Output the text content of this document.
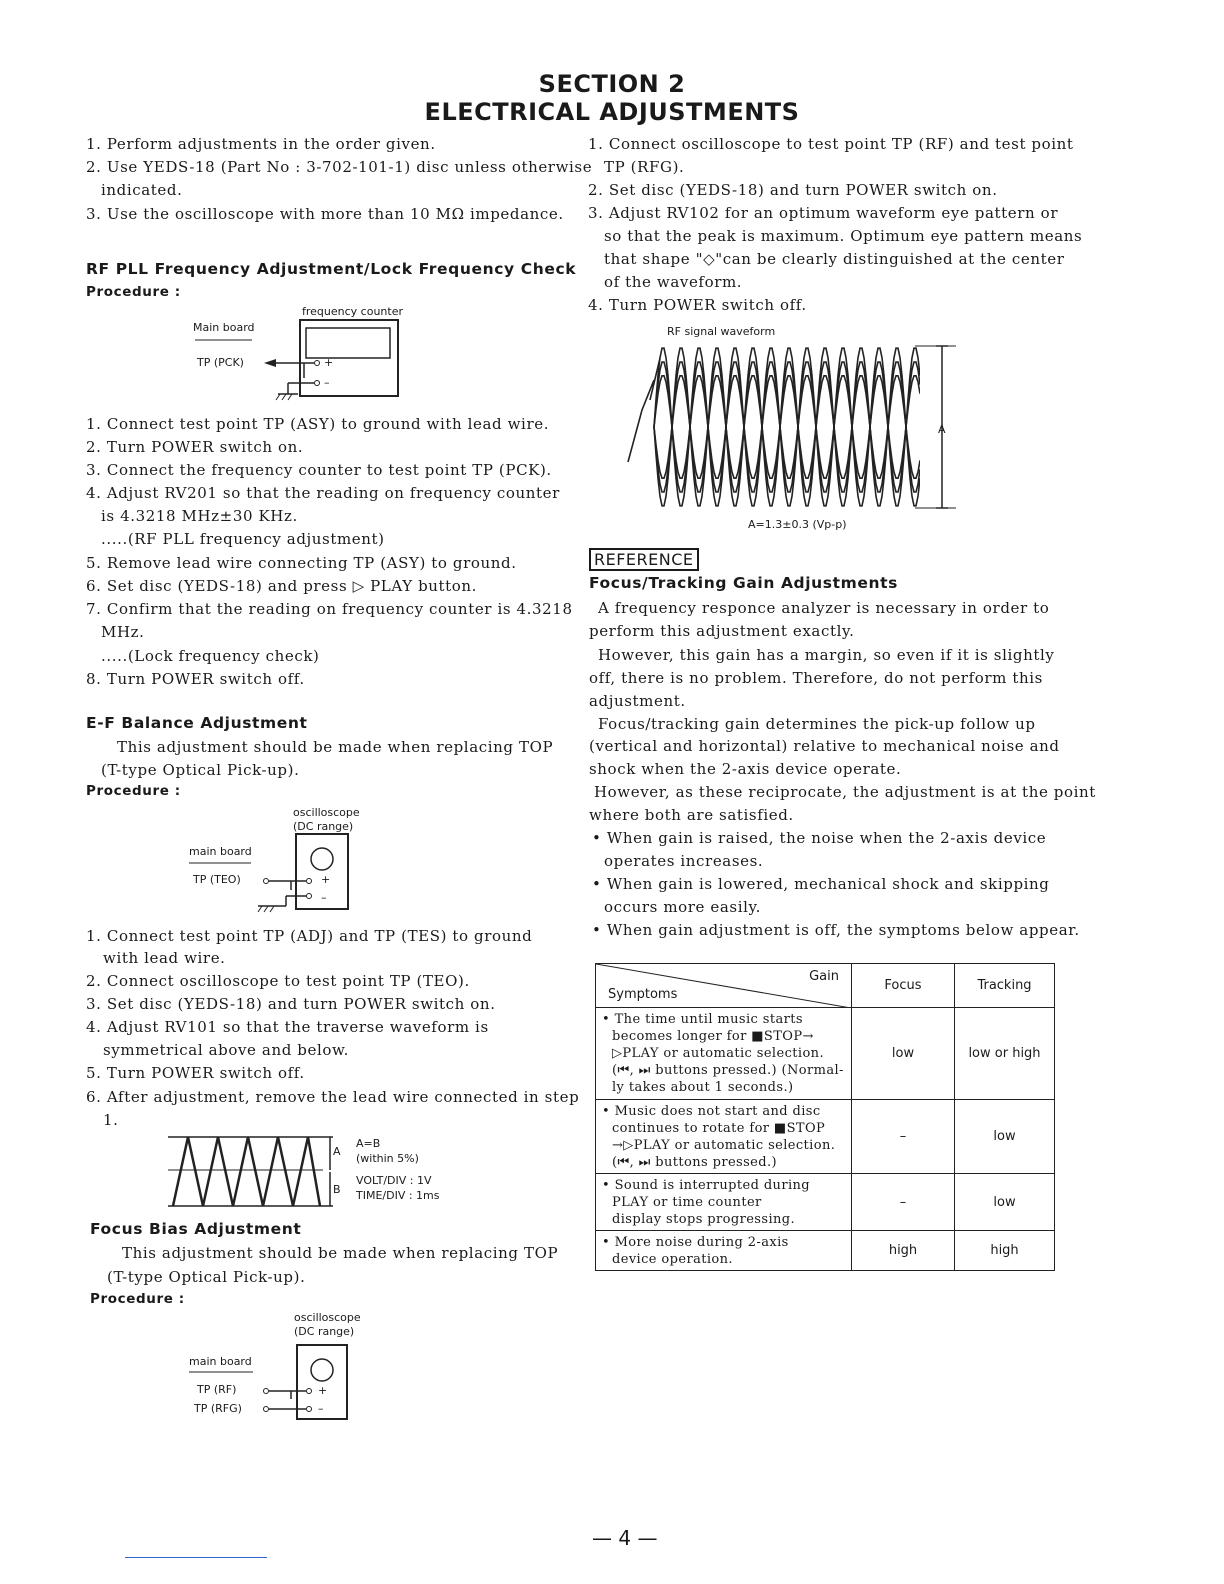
SECTION 2
ELECTRICAL ADJUSTMENTS
1. Perform adjustments in the order given.
2. Use YEDS-18 (Part No : 3-702-101-1) disc unless otherwise
indicated.
3. Use the oscilloscope with more than 10 MΩ impedance.
RF PLL Frequency Adjustment/Lock Frequency Check
Procedure :
frequency counter
Main board
TP (PCK)	+
–
1. Connect test point TP (ASY) to ground with lead wire.
2. Turn POWER switch on.
3. Connect the frequency counter to test point TP (PCK).
4. Adjust RV201 so that the reading on frequency counter
is 4.3218 MHz±30 KHz.
.....(RF PLL frequency adjustment)
5. Remove lead wire connecting TP (ASY) to ground.
6. Set disc (YEDS-18) and press ▷ PLAY button.
7. Confirm that the reading on frequency counter is 4.3218
MHz.
.....(Lock frequency check)
8. Turn POWER switch off.
E-F Balance Adjustment
This adjustment should be made when replacing TOP
(T-type Optical Pick-up).
Procedure :
oscilloscope
(DC range)
main board
TP (TEO)	+
–
1. Connect test point TP (ADJ) and TP (TES) to ground
with lead wire.
2. Connect oscilloscope to test point TP (TEO).
3. Set disc (YEDS-18) and turn POWER switch on.
4. Adjust RV101 so that the traverse waveform is
symmetrical above and below.
5. Turn POWER switch off.
6. After adjustment, remove the lead wire connected in step
1.
A
B
A=B
(within 5%)
VOLT/DIV : 1V
TIME/DIV : 1ms
Focus Bias Adjustment
This adjustment should be made when replacing TOP
(T-type Optical Pick-up).
Procedure :
oscilloscope
(DC range)
main board
TP (RF)
TP (RFG)
+
–
1. Connect oscilloscope to test point TP (RF) and test point
TP (RFG).
2. Set disc (YEDS-18) and turn POWER switch on.
3. Adjust RV102 for an optimum waveform eye pattern or
so that the peak is maximum. Optimum eye pattern means
that shape "◇"can be clearly distinguished at the center
of the waveform.
4. Turn POWER switch off.
RF signal waveform
A
A=1.3±0.3 (Vp-p)
REFERENCE
Focus/Tracking Gain Adjustments
A frequency responce analyzer is necessary in order to
perform this adjustment exactly.
However, this gain has a margin, so even if it is slightly
off, there is no problem. Therefore, do not perform this
adjustment.
Focus/tracking gain determines the pick-up follow up
(vertical and horizontal) relative to mechanical noise and
shock when the 2-axis device operate.
However, as these reciprocate, the adjustment is at the point
where both are satisfied.
• When gain is raised, the noise when the 2-axis device
operates increases.
• When gain is lowered, mechanical shock and skipping
occurs more easily.
• When gain adjustment is off, the symptoms below appear.
Gain
Symptoms	Focus	Tracking

• The time until music starts
becomes longer for ■STOP→
▷PLAY or automatic selection.
(⏮, ⏭ buttons pressed.) (Normal-
ly takes about 1 seconds.)	low	low or high

• Music does not start and disc
continues to rotate for ■STOP
→▷PLAY or automatic selection.
(⏮, ⏭ buttons pressed.)	–	low

• Sound is interrupted during
PLAY or time counter
display stops progressing.	–	low

• More noise during 2-axis
device operation.	high	high
— 4 —
